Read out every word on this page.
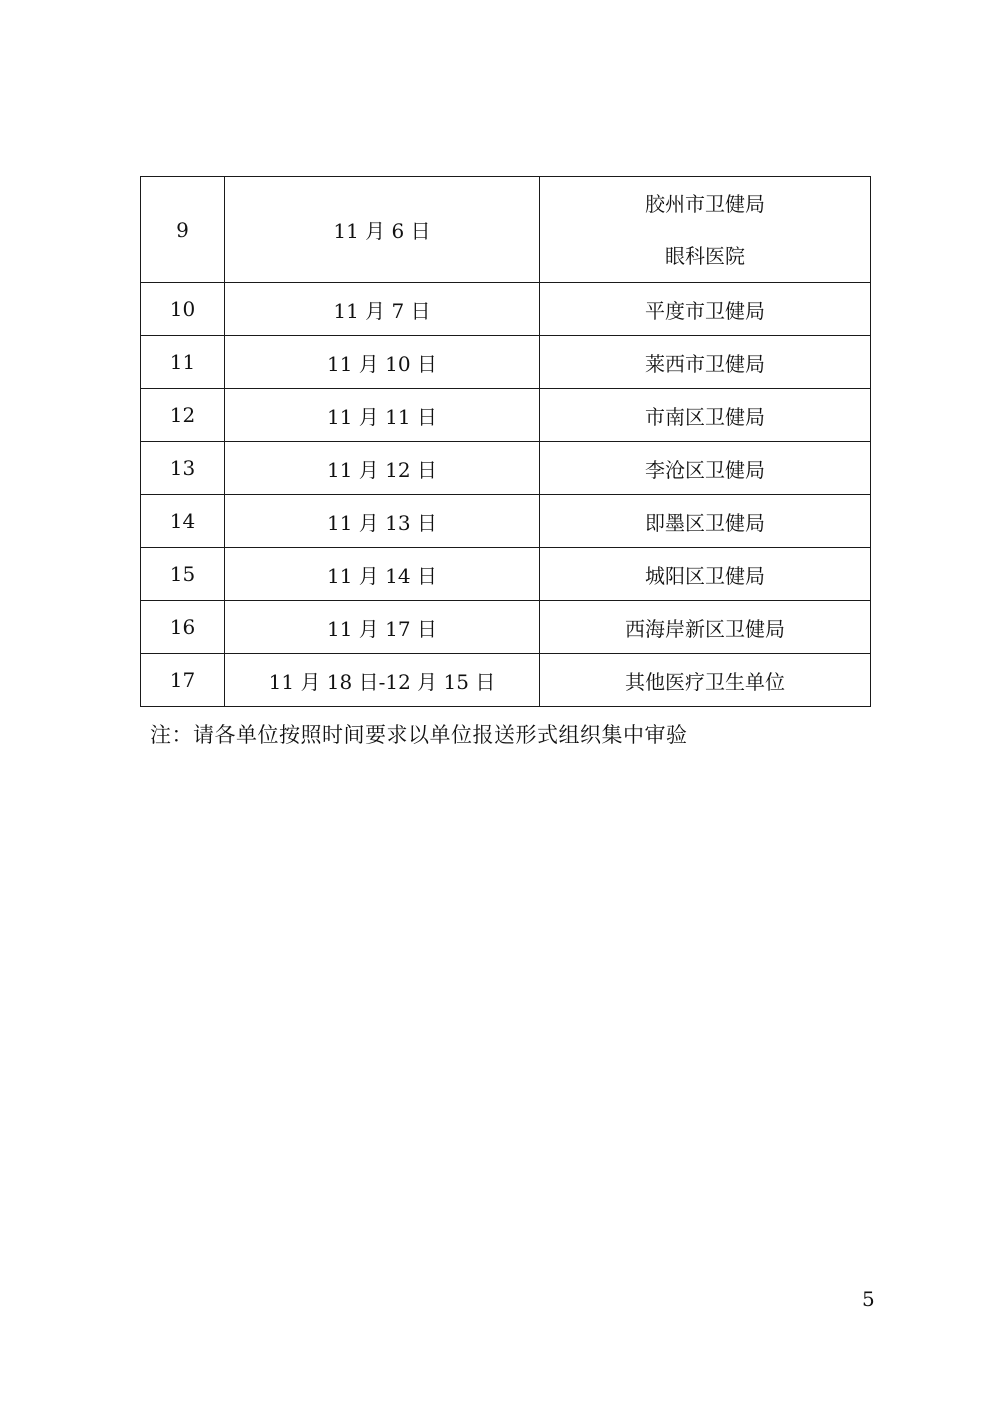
9	11 月 6 日	胶州市卫健局
眼科医院

10	11 月 7 日	平度市卫健局
11	11 月 10 日	莱西市卫健局
12	11 月 11 日	市南区卫健局
13	11 月 12 日	李沧区卫健局
14	11 月 13 日	即墨区卫健局
15	11 月 14 日	城阳区卫健局
16	11 月 17 日	西海岸新区卫健局
17	11 月 18 日-12 月 15 日	其他医疗卫生单位
注：请各单位按照时间要求以单位报送形式组织集中审验
5
